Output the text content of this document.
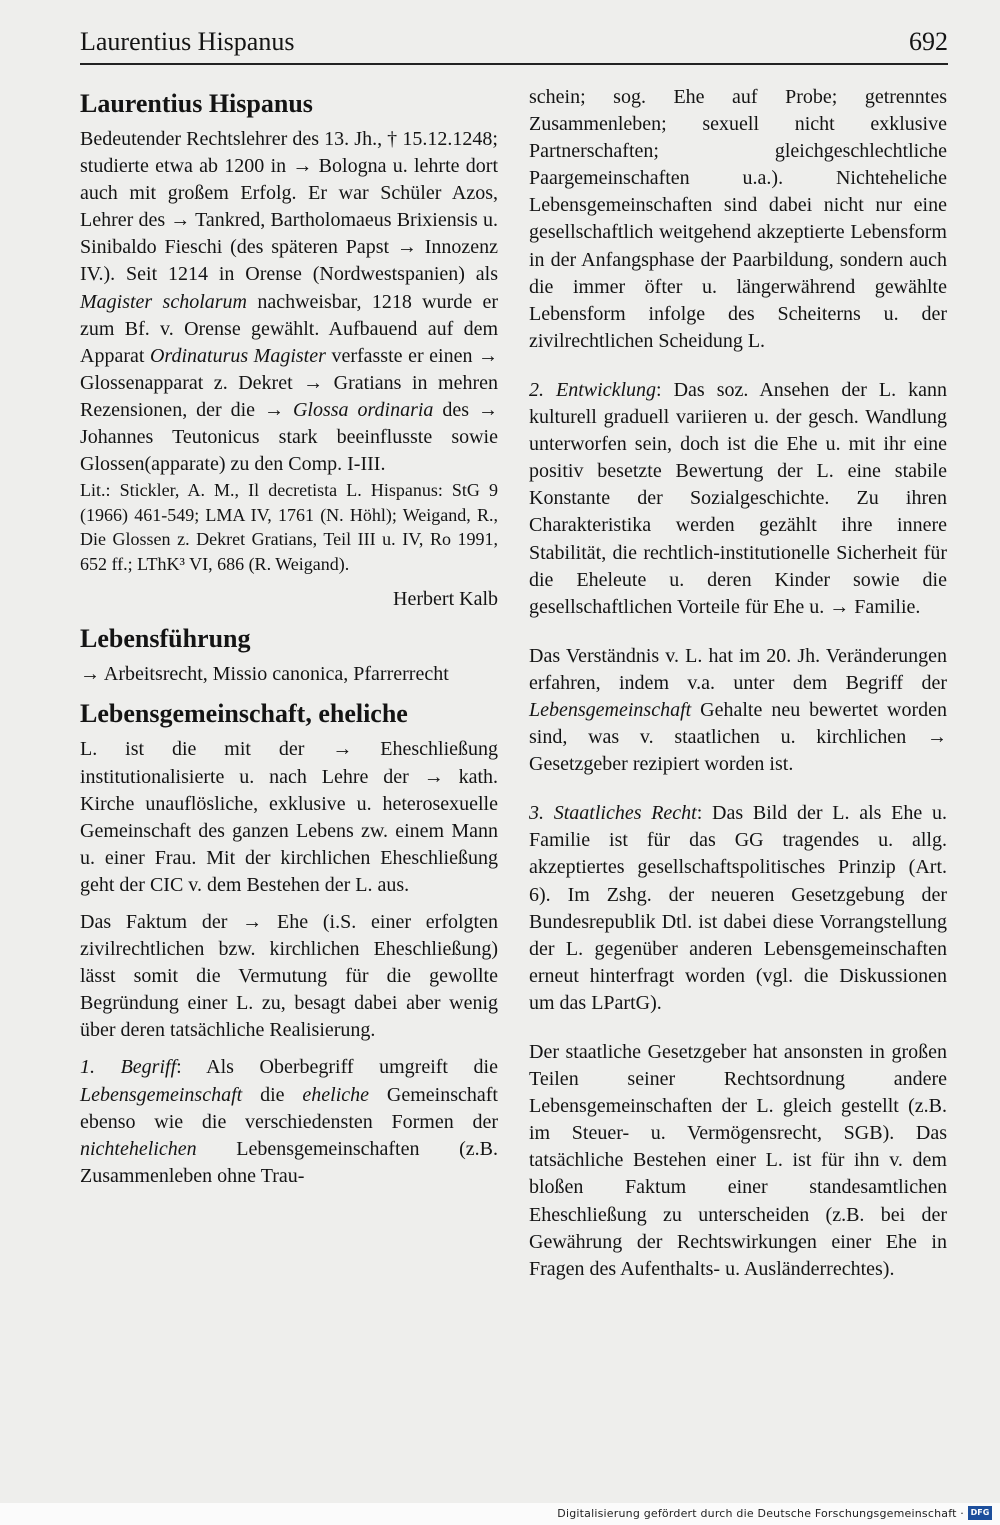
Laurentius Hispanus	692
Laurentius Hispanus

Bedeutender Rechtslehrer des 13. Jh., † 15.12.1248; studierte etwa ab 1200 in → Bologna u. lehrte dort auch mit großem Erfolg. Er war Schüler Azos, Lehrer des → Tankred, Bartholomaeus Brixiensis u. Sinibaldo Fieschi (des späteren Papst → Innozenz IV.). Seit 1214 in Orense (Nordwestspanien) als Magister scholarum nachweisbar, 1218 wurde er zum Bf. v. Orense gewählt. Aufbauend auf dem Apparat Ordinaturus Magister verfasste er einen → Glossenapparat z. Dekret → Gratians in mehren Rezensionen, der die → Glossa ordinaria des → Johannes Teutonicus stark beeinflusste sowie Glossen(apparate) zu den Comp. I-III.

Lit.: Stickler, A. M., Il decretista L. Hispanus: StG 9 (1966) 461-549; LMA IV, 1761 (N. Höhl); Weigand, R., Die Glossen z. Dekret Gratians, Teil III u. IV, Ro 1991, 652 ff.; LThK³ VI, 686 (R. Weigand).

Herbert Kalb

Lebensführung

→ Arbeitsrecht, Missio canonica, Pfarrerrecht

Lebensgemeinschaft, eheliche

L. ist die mit der → Eheschließung institutionalisierte u. nach Lehre der → kath. Kirche unauflösliche, exklusive u. heterosexuelle Gemeinschaft des ganzen Lebens zw. einem Mann u. einer Frau. Mit der kirchlichen Eheschließung geht der CIC v. dem Bestehen der L. aus.

Das Faktum der → Ehe (i.S. einer erfolgten zivilrechtlichen bzw. kirchlichen Eheschließung) lässt somit die Vermutung für die gewollte Begründung einer L. zu, besagt dabei aber wenig über deren tatsächliche Realisierung.

1. Begriff: Als Oberbegriff umgreift die Lebensgemeinschaft die eheliche Gemeinschaft ebenso wie die verschiedensten Formen der nichtehelichen Lebensgemeinschaften (z.B. Zusammenleben ohne Trau-

schein; sog. Ehe auf Probe; getrenntes Zusammenleben; sexuell nicht exklusive Partnerschaften; gleichgeschlechtliche Paargemeinschaften u.a.). Nichteheliche Lebensgemeinschaften sind dabei nicht nur eine gesellschaftlich weitgehend akzeptierte Lebensform in der Anfangsphase der Paarbildung, sondern auch die immer öfter u. längerwährend gewählte Lebensform infolge des Scheiterns u. der zivilrechtlichen Scheidung L.

2. Entwicklung: Das soz. Ansehen der L. kann kulturell graduell variieren u. der gesch. Wandlung unterworfen sein, doch ist die Ehe u. mit ihr eine positiv besetzte Bewertung der L. eine stabile Konstante der Sozialgeschichte. Zu ihren Charakteristika werden gezählt ihre innere Stabilität, die rechtlich-institutionelle Sicherheit für die Eheleute u. deren Kinder sowie die gesellschaftlichen Vorteile für Ehe u. → Familie.

Das Verständnis v. L. hat im 20. Jh. Veränderungen erfahren, indem v.a. unter dem Begriff der Lebensgemeinschaft Gehalte neu bewertet worden sind, was v. staatlichen u. kirchlichen → Gesetzgeber rezipiert worden ist.

3. Staatliches Recht: Das Bild der L. als Ehe u. Familie ist für das GG tragendes u. allg. akzeptiertes gesellschaftspolitisches Prinzip (Art. 6). Im Zshg. der neueren Gesetzgebung der Bundesrepublik Dtl. ist dabei diese Vorrangstellung der L. gegenüber anderen Lebensgemeinschaften erneut hinterfragt worden (vgl. die Diskussionen um das LPartG).

Der staatliche Gesetzgeber hat ansonsten in großen Teilen seiner Rechtsordnung andere Lebensgemeinschaften der L. gleich gestellt (z.B. im Steuer- u. Vermögensrecht, SGB). Das tatsächliche Bestehen einer L. ist für ihn v. dem bloßen Faktum einer standesamtlichen Eheschließung zu unterscheiden (z.B. bei der Gewährung der Rechtswirkungen einer Ehe in Fragen des Aufenthalts- u. Ausländerrechtes).

Digitalisierung gefördert durch die Deutsche Forschungsgemeinschaft · DFG
